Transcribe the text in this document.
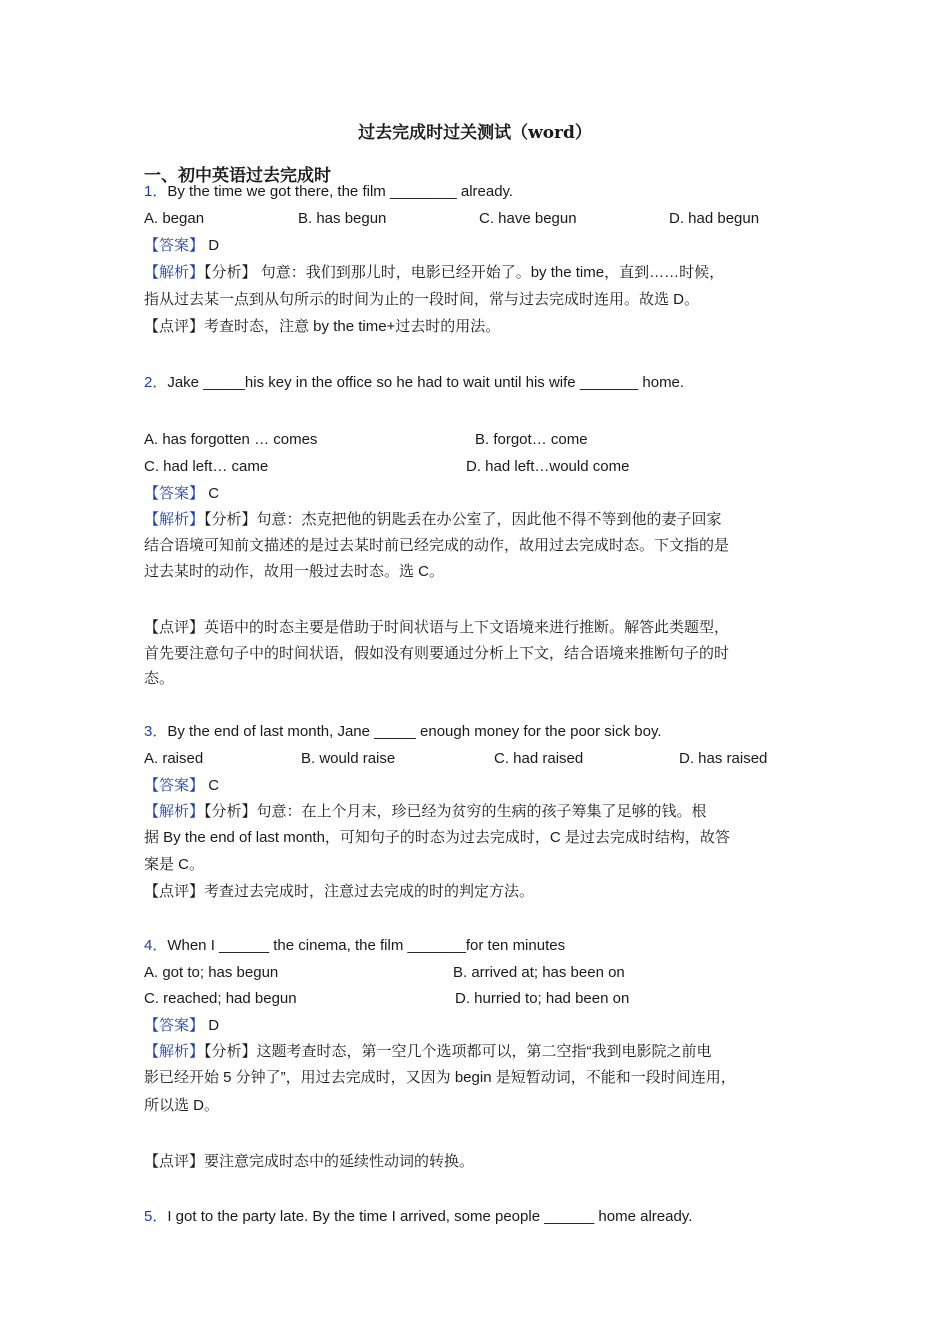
过去完成时过关测试（word）
一、初中英语过去完成时
1．By the time we got there, the film ________ already.
A. began	B. has begun	C. have begun	D. had begun
【答案】 D
【解析】【分析】 句意：我们到那儿时，电影已经开始了。by the time，直到……时候，
指从过去某一点到从句所示的时间为止的一段时间，常与过去完成时连用。故选 D。
【点评】考查时态，注意 by the time+过去时的用法。
2．Jake _____his key in the office so he had to wait until his wife _______ home.
A. has forgotten … comes	B. forgot… come
C. had left… came	D. had left…would come
【答案】 C
【解析】【分析】句意：杰克把他的钥匙丢在办公室了，因此他不得不等到他的妻子回家
结合语境可知前文描述的是过去某时前已经完成的动作，故用过去完成时态。下文指的是
过去某时的动作，故用一般过去时态。选 C。
【点评】英语中的时态主要是借助于时间状语与上下文语境来进行推断。解答此类题型，
首先要注意句子中的时间状语，假如没有则要通过分析上下文，结合语境来推断句子的时
态。
3．By the end of last month, Jane _____ enough money for the poor sick boy.
A. raised	B. would raise	C. had raised	D. has raised
【答案】 C
【解析】【分析】句意：在上个月末，珍已经为贫穷的生病的孩子筹集了足够的钱。根
据 By the end of last month，可知句子的时态为过去完成时，C 是过去完成时结构，故答
案是 C。
【点评】考查过去完成时，注意过去完成的时的判定方法。
4．When I ______ the cinema, the film _______for ten minutes
A. got to; has begun	B. arrived at; has been on
C. reached; had begun	D. hurried to; had been on
【答案】 D
【解析】【分析】这题考查时态，第一空几个选项都可以，第二空指“我到电影院之前电
影已经开始 5 分钟了”，用过去完成时，又因为 begin 是短暂动词，不能和一段时间连用，
所以选 D。
【点评】要注意完成时态中的延续性动词的转换。
5．I got to the party late. By the time I arrived, some people ______ home already.
